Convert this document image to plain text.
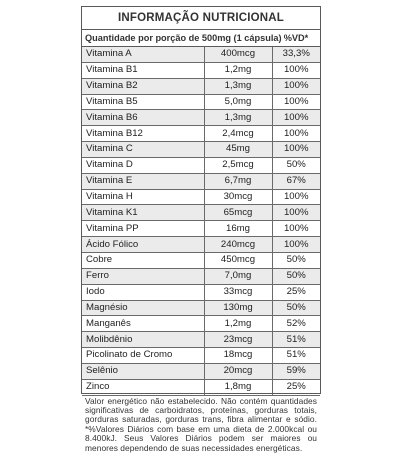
INFORMAÇÃO NUTRICIONAL
Quantidade por porção de 500mg (1 cápsula)		%VD*
Vitamina A	400mcg	33,3%
Vitamina B1	1,2mg	100%
Vitamina B2	1,3mg	100%
Vitamina B5	5,0mg	100%
Vitamina B6	1,3mg	100%
Vitamina B12	2,4mcg	100%
Vitamina C	45mg	100%
Vitamina D	2,5mcg	50%
Vitamina E	6,7mg	67%
Vitamina H	30mcg	100%
Vitamina K1	65mcg	100%
Vitamina PP	16mg	100%
Ácido Fólico	240mcg	100%
Cobre	450mcg	50%
Ferro	7,0mg	50%
Iodo	33mcg	25%
Magnésio	130mg	50%
Manganês	1,2mg	52%
Molibdênio	23mcg	51%
Picolinato de Cromo	18mcg	51%
Selênio	20mcg	59%
Zinco	1,8mg	25%
Valor energético não estabelecido. Não contém quantidades significativas de carboidratos, proteínas, gorduras totais, gorduras saturadas, gorduras trans, fibra alimentar e sódio. *%Valores Diários com base em uma dieta de 2.000kcal ou 8.400kJ. Seus Valores Diários podem ser maiores ou menores dependendo de suas necessidades energéticas.
